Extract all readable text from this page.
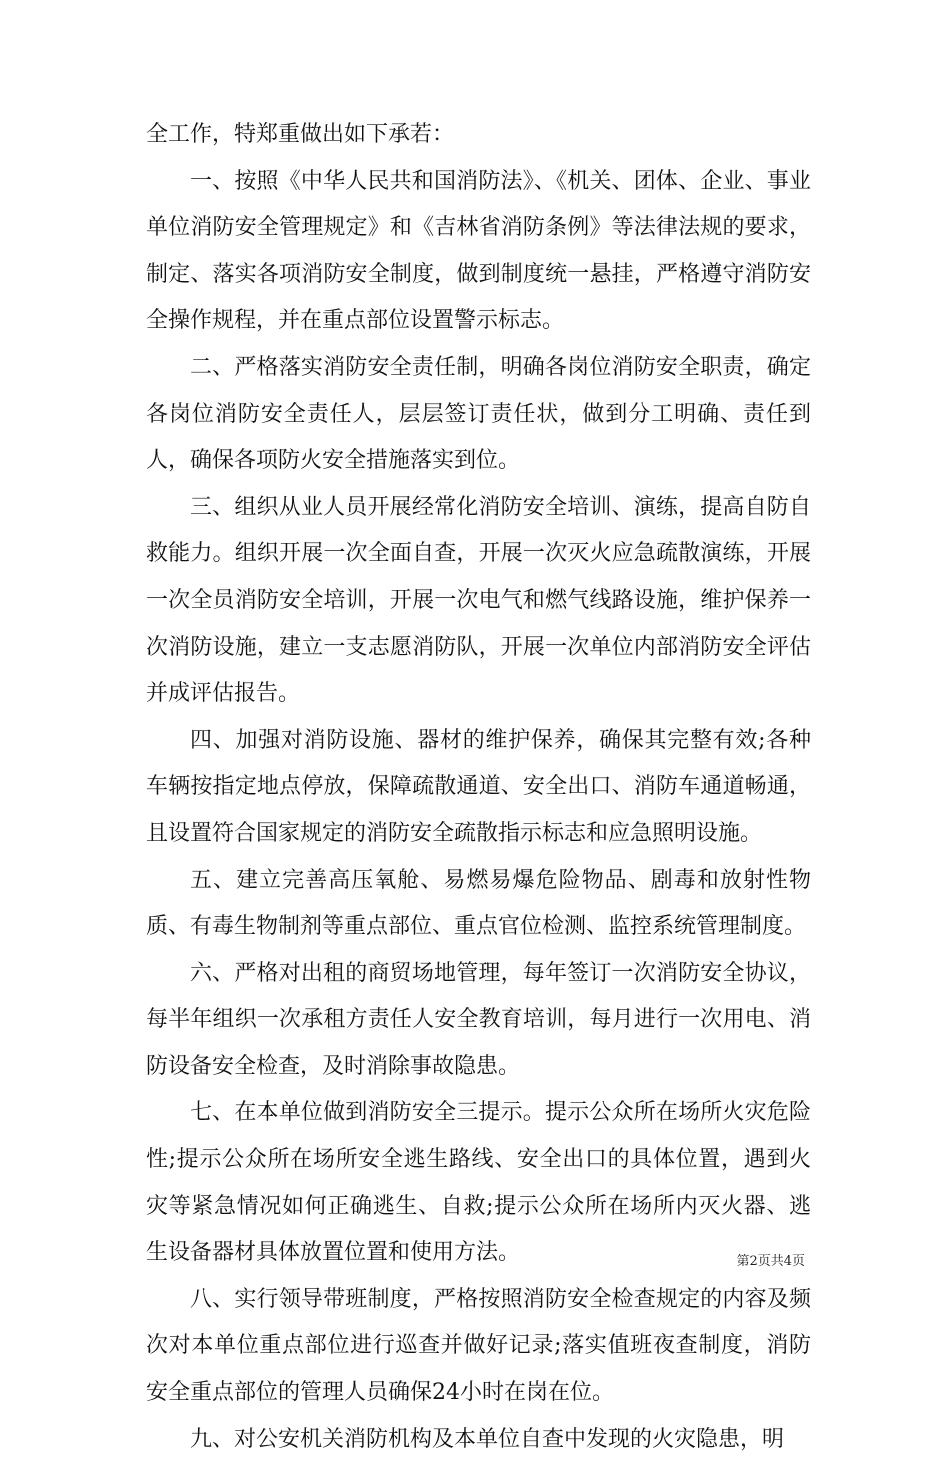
全工作，特郑重做出如下承若：

一、按照《中华人民共和国消防法》、《机关、团体、企业、事业单位消防安全管理规定》和《吉林省消防条例》等法律法规的要求，制定、落实各项消防安全制度，做到制度统一悬挂，严格遵守消防安全操作规程，并在重点部位设置警示标志。

二、严格落实消防安全责任制，明确各岗位消防安全职责，确定各岗位消防安全责任人，层层签订责任状，做到分工明确、责任到人，确保各项防火安全措施落实到位。

三、组织从业人员开展经常化消防安全培训、演练，提高自防自救能力。组织开展一次全面自查，开展一次灭火应急疏散演练，开展一次全员消防安全培训，开展一次电气和燃气线路设施，维护保养一次消防设施，建立一支志愿消防队，开展一次单位内部消防安全评估并成评估报告。

四、加强对消防设施、器材的维护保养，确保其完整有效;各种车辆按指定地点停放，保障疏散通道、安全出口、消防车通道畅通，且设置符合国家规定的消防安全疏散指示标志和应急照明设施。

五、建立完善高压氧舱、易燃易爆危险物品、剧毒和放射性物质、有毒生物制剂等重点部位、重点官位检测、监控系统管理制度。

六、严格对出租的商贸场地管理，每年签订一次消防安全协议，每半年组织一次承租方责任人安全教育培训，每月进行一次用电、消防设备安全检查，及时消除事故隐患。

七、在本单位做到消防安全三提示。提示公众所在场所火灾危险性;提示公众所在场所安全逃生路线、安全出口的具体位置，遇到火灾等紧急情况如何正确逃生、自救;提示公众所在场所内灭火器、逃生设备器材具体放置位置和使用方法。

八、实行领导带班制度，严格按照消防安全检查规定的内容及频次对本单位重点部位进行巡查并做好记录;落实值班夜查制度，消防安全重点部位的管理人员确保24小时在岗在位。

九、对公安机关消防机构及本单位自查中发现的火灾隐患，明

第2页共4页
